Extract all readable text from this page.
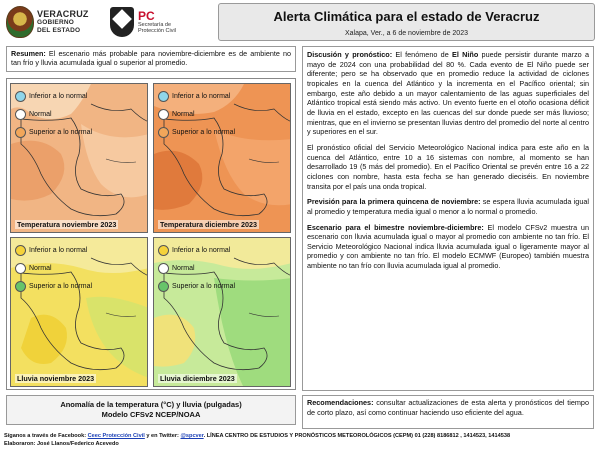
VERACRUZ
GOBIERNO
DEL ESTADO
PC
Secretaría de
Protección Civil
Alerta Climática para el estado de Veracruz
Xalapa, Ver., a 6 de noviembre de 2023
Resumen: El escenario más probable para noviembre-diciembre es de ambiente no tan frío y lluvia acumulada igual o superior al promedio.
Inferior a lo normal
Normal
Superior a lo normal
Temperatura noviembre 2023
Inferior a lo normal
Normal
Superior a lo normal
Temperatura diciembre 2023
Inferior a lo normal
Normal
Superior a lo normal
Lluvia noviembre 2023
Inferior a lo normal
Normal
Superior a lo normal
Lluvia diciembre 2023
Anomalía de la temperatura (°C) y lluvia (pulgadas)
Modelo CFSv2 NCEP/NOAA

Discusión y pronóstico: El fenómeno de El Niño puede persistir durante marzo a mayo de 2024 con una probabilidad del 80 %. Cada evento de El Niño puede ser diferente; pero se ha observado que en promedio reduce la actividad de ciclones tropicales en la cuenca del Atlántico y la incrementa en el Pacífico oriental; sin embargo, este año debido a un mayor calentamiento de las aguas superficiales del Atlántico tropical está siendo más activo. Un evento fuerte en el otoño ocasiona déficit de lluvia en el estado, excepto en las cuencas del sur donde puede ser más lluvioso; mientras, que en el invierno se presentan lluvias dentro del promedio del norte al centro y superiores en el sur.

El pronóstico oficial del Servicio Meteorológico Nacional indica para este año en la cuenca del Atlántico, entre 10 a 16 sistemas con nombre, al momento se han desarrollado 19 (5 más del promedio). En el Pacífico Oriental se prevén entre 16 a 22 ciclones con nombre, hasta esta fecha se han generado dieciséis. En noviembre transita por el país una onda tropical.

Previsión para la primera quincena de noviembre: se espera lluvia acumulada igual al promedio y temperatura media igual o menor a lo normal o promedio.

Escenario para el bimestre noviembre-diciembre: El modelo CFSv2 muestra un escenario con lluvia acumulada igual o mayor al promedio con ambiente no tan frío. El Servicio Meteorológico Nacional indica lluvia acumulada igual o ligeramente mayor al promedio y con ambiente no tan frío. El modelo ECMWF (Europeo) también muestra ambiente no tan frío con lluvia acumulada igual al promedio.

Recomendaciones: consultar actualizaciones de esta alerta y pronósticos del tiempo de corto plazo, así como continuar haciendo uso eficiente del agua.
Síganos a través de Facebook: Ceec Protección Civil y en Twitter: @spcver. LÍNEA CENTRO DE ESTUDIOS Y PRONÓSTICOS METEOROLÓGICOS (CEPM) 01 (228) 8186812 , 1414523, 1414538
Elaboraron: José Llanos/Federico Acevedo
